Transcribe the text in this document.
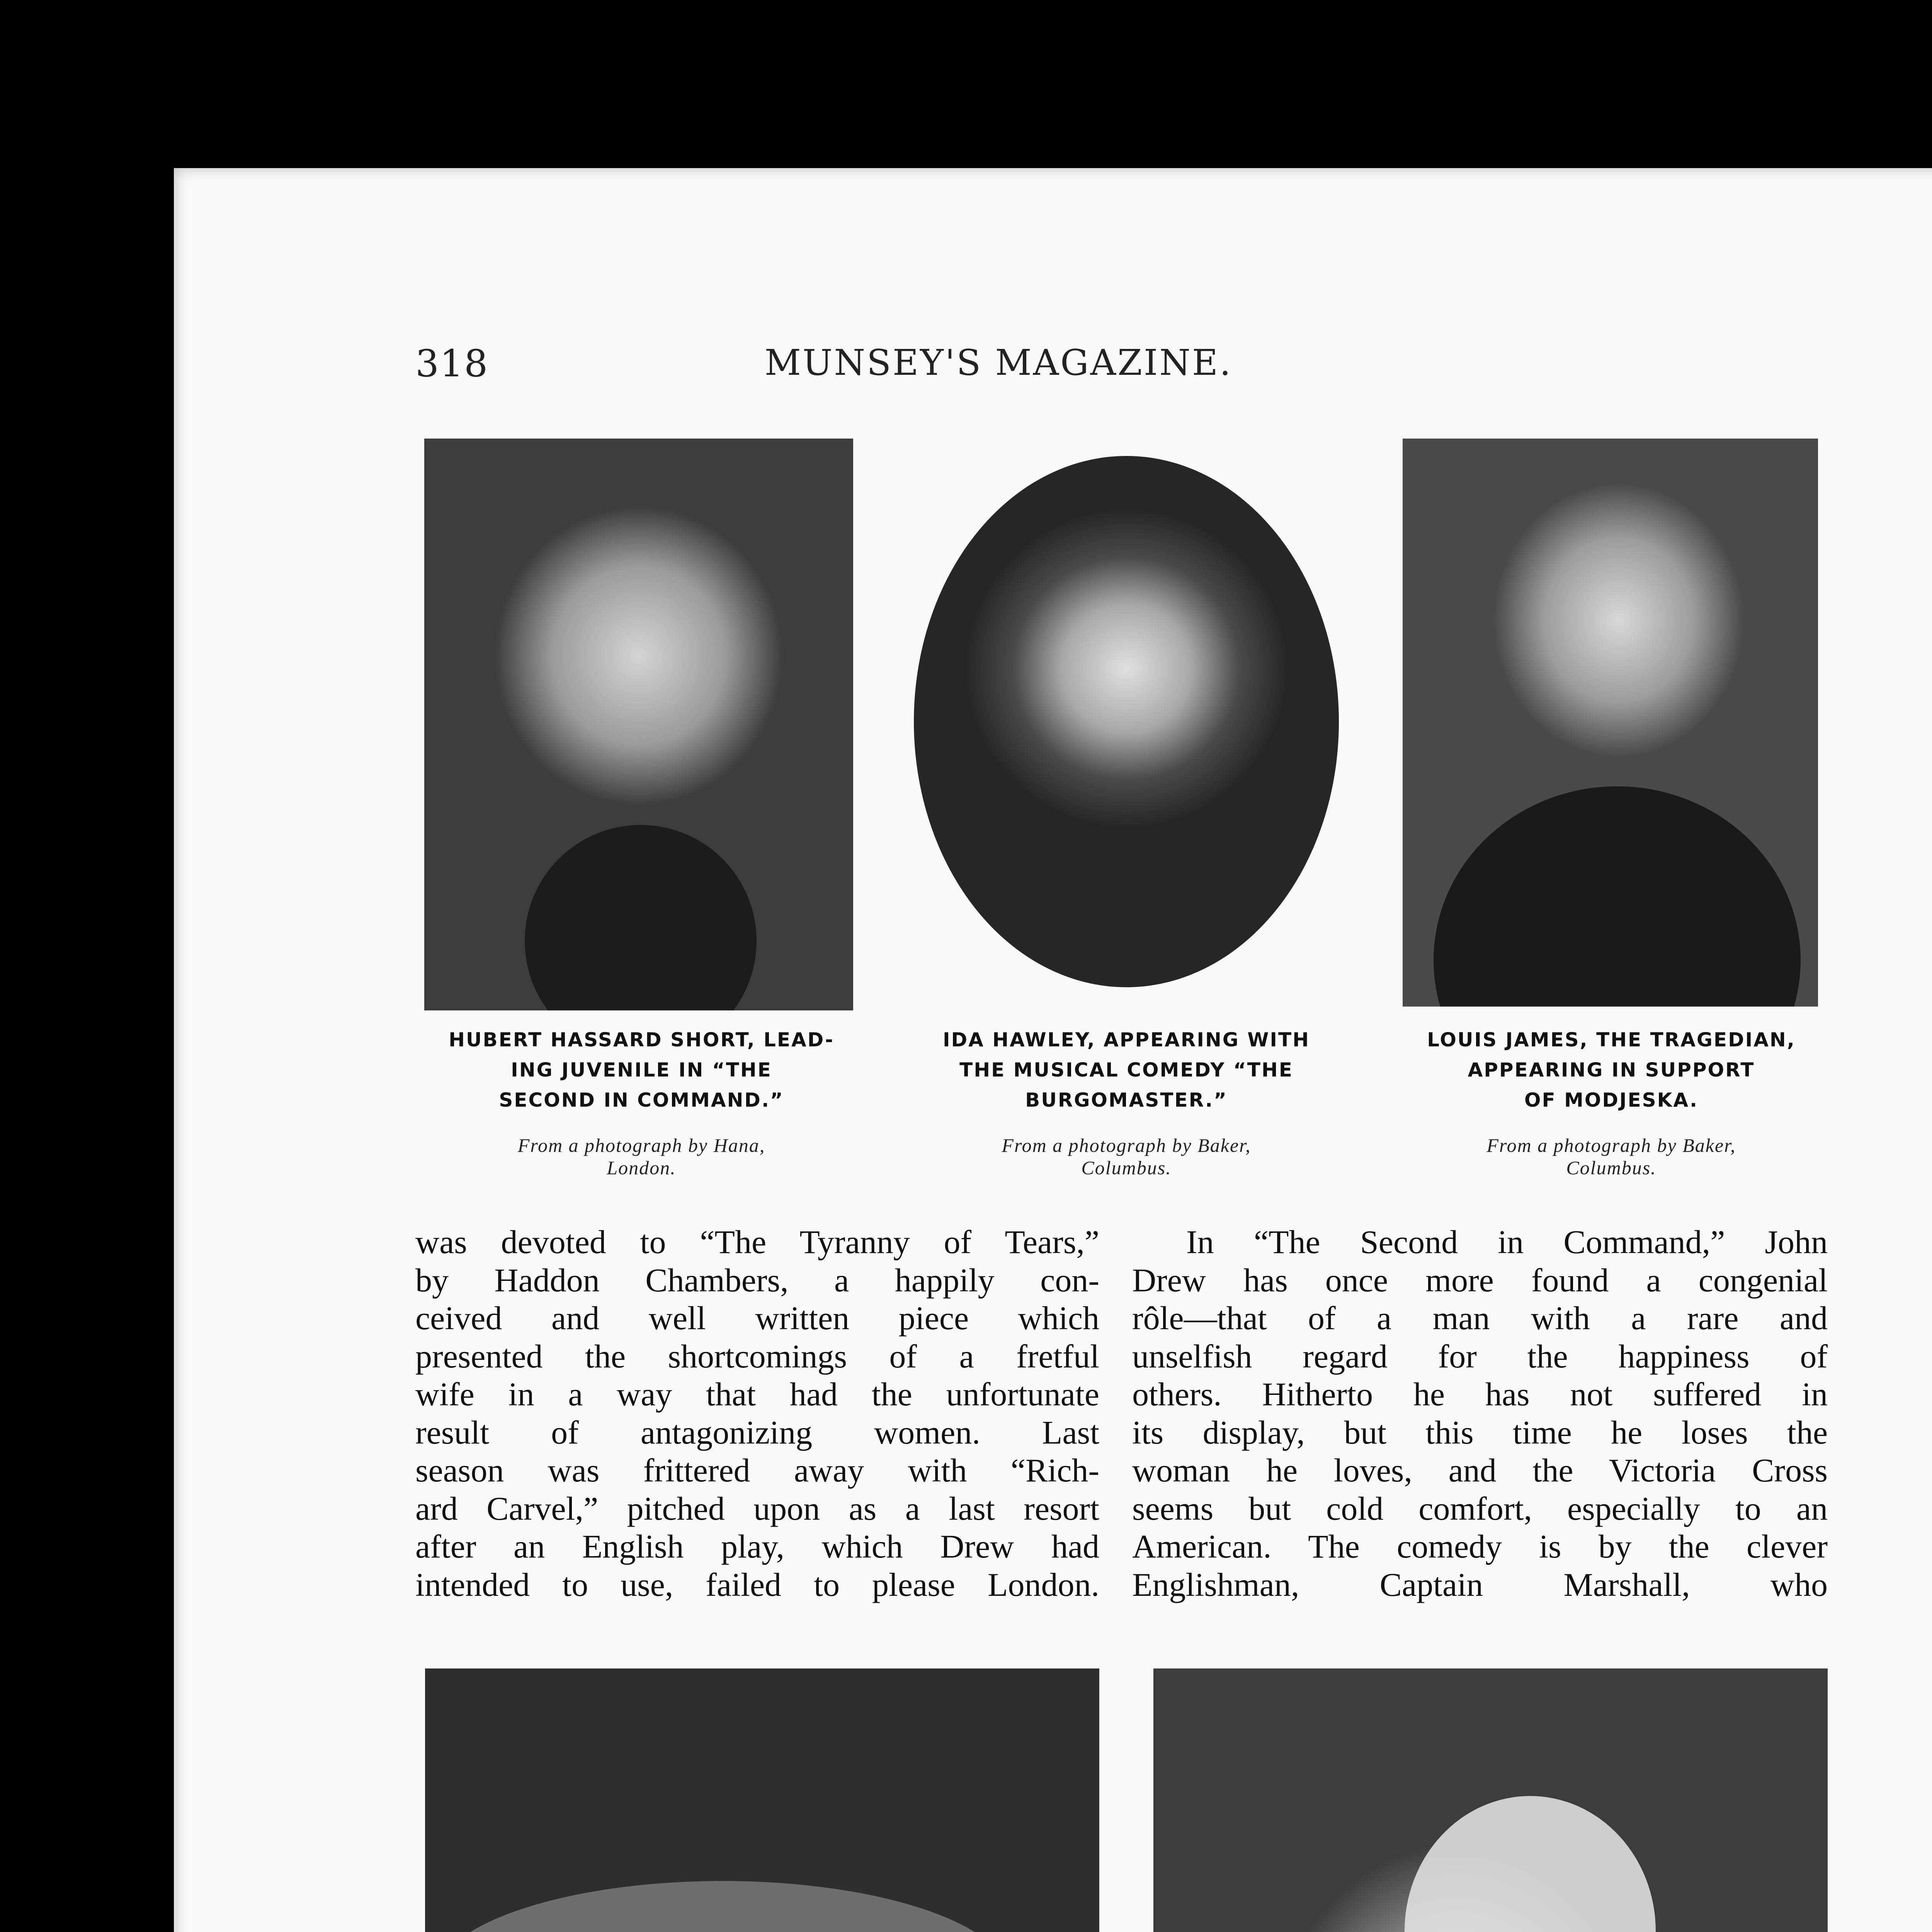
318	MUNSEY'S MAGAZINE.
HUBERT HASSARD SHORT, LEAD-
ING JUVENILE IN “THE
SECOND IN COMMAND.”
From a photograph by Hana,
London.
IDA HAWLEY, APPEARING WITH
THE MUSICAL COMEDY “THE
BURGOMASTER.”
From a photograph by Baker,
Columbus.
LOUIS JAMES, THE TRAGEDIAN,
APPEARING IN SUPPORT
OF MODJESKA.
From a photograph by Baker,
Columbus.
was devoted to “The Tyranny of Tears,”
by Haddon Chambers, a happily con-
ceived and well written piece which
presented the shortcomings of a fretful
wife in a way that had the unfortunate
result of antagonizing women. Last
season was frittered away with “Rich-
ard Carvel,” pitched upon as a last resort
after an English play, which Drew had
intended to use, failed to please London.
In “The Second in Command,” John
Drew has once more found a congenial
rôle—that of a man with a rare and
unselfish regard for the happiness of
others. Hitherto he has not suffered in
its display, but this time he loses the
woman he loves, and the Victoria Cross
seems but cold comfort, especially to an
American. The comedy is by the clever
Englishman, Captain Marshall, who
